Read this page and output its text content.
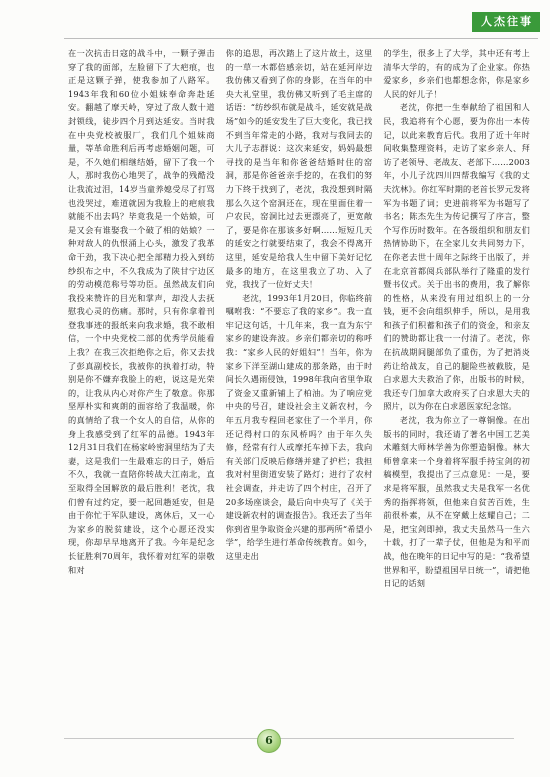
人杰往事

在一次抗击日寇的战斗中，一颗子弹击穿了我的面部，左脸留下了大疤痕，也正是这颗子弹，使我参加了八路军。1943年我和60位小姐妹奉命奔赴延安。翻越了摩天岭，穿过了敌人数十道封锁线，徒步四个月到达延安。当时我在中央党校被服厂，我们几个姐妹商量，等革命胜利后再考虑婚姻问题，可是，不久她们相继结婚，留下了我一个人，那时我伤心地哭了，战争的残酷没让我流过泪，14岁当童养媳受尽了打骂也没哭过，难道就因为我脸上的疤痕我就能不出去吗？毕竟我是一个姑娘，可是又会有谁娶我一个破了相的姑娘？一种对敌人的仇恨涌上心头，激发了我革命干劲，我下决心把全部精力投入到纺纱织布之中，不久我成为了陕甘宁边区的劳动模范称号等功臣。虽然战友们向我投来赞许的目光和掌声，却没人去抚慰我心灵的伤痛。那时，只有你拿着刊登我事迹的报纸来向我求婚，我不敢相信，一个中央党校二部的优秀学员能看上我？在我三次拒绝你之后，你又去找了彭真副校长，我被你的执着打动，特别是你不嫌弃我脸上的疤，说这是光荣的，让我从内心对你产生了敬意。你那坚厚朴实和爽朗的面容给了我温暖，你的真情给了我一个女人的自信，从你的身上我感受到了红军的品德。1943年12月31日我们在杨家岭密洞里结为了夫妻，这是我们一生最难忘的日子，婚后不久，我就一直陪你转战大江南北，直至取得全国解放的最后胜利！老沈，我们曾有过约定，要一起回趟延安，但是由于你忙于军队建设，离休后，又一心为家乡的脱贫建设，这个心愿还没实现，你却早早地离开了我。今年是纪念长征胜利70周年，我怀着对红军的崇敬和对

你的追思，再次踏上了这片故土，这里的一草一木都倍感亲切，站在延河岸边我仿佛又看到了你的身影，在当年的中央大礼堂里，我仿佛又听到了毛主席的话语：“纺纱织布就是战斗，延安就是战场”如今的延安发生了巨大变化，我已找不到当年常走的小路，我对与我同去的大儿子志群说：这次来延安，妈妈最想寻找的是当年和你爸爸结婚时住的窑洞，那是你爸爸亲手挖的，在我们的努力下终于找到了，老沈，我没想到时隔那么久这个窑洞还在，现在里面住着一户农民，窑洞比过去更漂亮了，更宽敞了，要是你在那该多好啊……短短几天的延安之行就要结束了，我会不得离开这里，延安是给我人生中留下美好记忆最多的地方，在这里我立了功、入了党，我找了一位好丈夫！

老沈，1993年1月20日，你临终前嘱咐我：“不要忘了我的家乡”。我一直牢记这句话，十几年来，我一直为东宁家乡的建设奔波。乡亲们都亲切的称呼我：“家乡人民的好姐妇”！当年，你为家乡下洋至湖山建成的那条路，由于时间长久遇雨侵蚀，1998年我向省里争取了资金又重新铺上了柏油。为了响应党中央的号召，建设社会主义新农村，今年五月我专程回老家住了一个半月，你还记得村口的东风桥吗？由于年久失修，经常有行人或摩托车掉下去，我向有关部门反映后修缮并建了护栏；我担我对村里街道安装了路灯；进行了农村社会调查，并走访了四个村庄，召开了20多场座谈会，最后向中央写了《关于建设新农村的调查报告》。我还去了当年你到省里争取资金兴建的那两所“希望小学”，给学生进行革命传统教育。如今，这里走出

的学生，很多上了大学，其中还有考上清华大学的，有的成为了企业家。你热爱家乡，乡亲们也都想念你，你是家乡人民的好儿子！

老沈，你把一生奉献给了祖国和人民，我追将有个心愿，要为你出一本传记，以此来教育后代。我用了近十年时间收集整理资料，走访了家乡亲人、拜访了老领导、老战友、老部下……2003年，小儿子沈四川四帮我编写《我的丈夫沈林》。你红军时期的老首长罗元发将军为书题了词；史进前将军为书题写了书名；陈杰先生为传记撰写了序言，整个写作历时数年。在各级组织和朋友们热情协助下，在全家儿女共同努力下，在你老去世十周年之际终于出版了，并在北京首都阅兵部队举行了隆重的发行暨书仪式。关于出书的费用，我了解你的性格，从来没有用过组织上的一分钱，更不会向组织伸手，所以，是用我和孩子们积蓄和孩子们的资金，和亲友们的赞助都让我一一付清了。老沈，你在抗战期间腿部负了重伤，为了把消炎药让给战友，自己的腿险些被截肢，是白求恩大夫救治了你，出版书的时候，我还专门加拿大政府买了白求恩大夫的照片，以为你在白求恩医家纪念馆。

老沈，我为你立了一尊铜像。在出版书的同时，我还请了著名中国工艺美术雕刻大师林学善为你塑造铜像。林大师曾拿来一个身着将军服手持宝剑的初稿模型，我提出了三点意见：一是，要求是将军服，虽然我丈夫是我军一名优秀的指挥将领，但他来自贫苦百姓，生前很朴素，从不在穿戴上炫耀自己；二是，把宝剑即掉，我丈夫虽然马一生六十载，打了一辈子仗，但他是为和平而战，他在晚年的日记中写的是：“我希望世界和平，盼望祖国早日统一”，请把他日记的话刻

6
